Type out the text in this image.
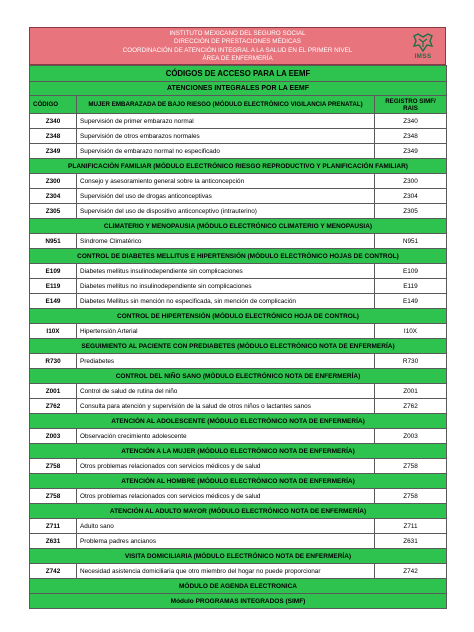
INSTITUTO MEXICANO DEL SEGURO SOCIAL
DIRECCIÓN DE PRESTACIONES MÉDICAS
COORDINACIÓN DE ATENCIÓN INTEGRAL A LA SALUD EN EL PRIMER NIVEL
ÁREA DE ENFERMERÍA	IMSS
CÓDIGOS DE ACCESO PARA LA EEMF		
ATENCIONES INTEGRALES POR LA EEMF		
CÓDIGO	MUJER EMBARAZADA DE BAJO RIESGO (MÓDULO ELECTRÓNICO VIGILANCIA PRENATAL)	REGISTRO SIMF/ RAIS
Z340	Supervisión de primer embarazo normal	Z340
Z348	Supervisión de otros embarazos normales	Z348
Z349	Supervisión de embarazo normal no especificado	Z349
PLANIFICACIÓN FAMILIAR (MÓDULO ELECTRÓNICO RIESGO REPRODUCTIVO Y PLANIFICACIÓN FAMILIAR)		
Z300	Consejo y asesoramiento general sobre la anticoncepción	Z300
Z304	Supervisión del uso de drogas anticonceptivas	Z304
Z305	Supervisión del uso de dispositivo anticonceptivo (intrauterino)	Z305
CLIMATERIO Y MENOPAUSIA (MÓDULO ELECTRÓNICO CLIMATERIO Y MENOPAUSIA)		
N951	Síndrome Climatérico	N951
CONTROL DE DIABETES MELLITUS E HIPERTENSIÓN (MÓDULO ELECTRÓNICO HOJAS DE CONTROL)		
E109	Diabetes mellitus insulinodependiente sin complicaciones	E109
E119	Diabetes mellitus no insulinodependiente sin complicaciones	E119
E149	Diabetes Mellitus sin mención no especificada, sin mención de complicación	E149
CONTROL DE HIPERTENSIÓN (MÓDULO ELECTRÓNICO HOJA DE CONTROL)		
I10X	Hipertensión Arterial	I10X
SEGUIMIENTO AL PACIENTE CON PREDIABETES (MÓDULO ELECTRÓNICO NOTA DE ENFERMERÍA)		
R730	Prediabetes	R730
CONTROL DEL NIÑO SANO (MÓDULO ELECTRÓNICO NOTA DE ENFERMERÍA)		
Z001	Control de salud de rutina del niño	Z001
Z762	Consulta para atención y supervisión de la salud de otros niños o lactantes sanos	Z762
ATENCIÓN AL ADOLESCENTE (MÓDULO ELECTRÓNICO NOTA DE ENFERMERÍA)		
Z003	Observación crecimiento adolescente	Z003
ATENCIÓN A LA MUJER (MÓDULO ELECTRÓNICO NOTA DE ENFERMERÍA)		
Z758	Otros problemas relacionados con servicios médicos y de salud	Z758
ATENCIÓN AL HOMBRE (MÓDULO ELECTRÓNICO NOTA DE ENFERMERÍA)		
Z758	Otros problemas relacionados con servicios médicos y de salud	Z758
ATENCIÓN AL ADULTO MAYOR (MÓDULO ELECTRÓNICO NOTA DE ENFERMERÍA)		
Z711	Adulto sano	Z711
Z631	Problema padres ancianos	Z631
VISITA DOMICILIARIA (MÓDULO ELECTRÓNICO NOTA DE ENFERMERÍA)		
Z742	Necesidad asistencia domiciliaria que otro miembro del hogar no puede proporcionar	Z742
MÓDULO DE AGENDA ELECTRONICA		
Módulo PROGRAMAS INTEGRADOS (SIMF)		
